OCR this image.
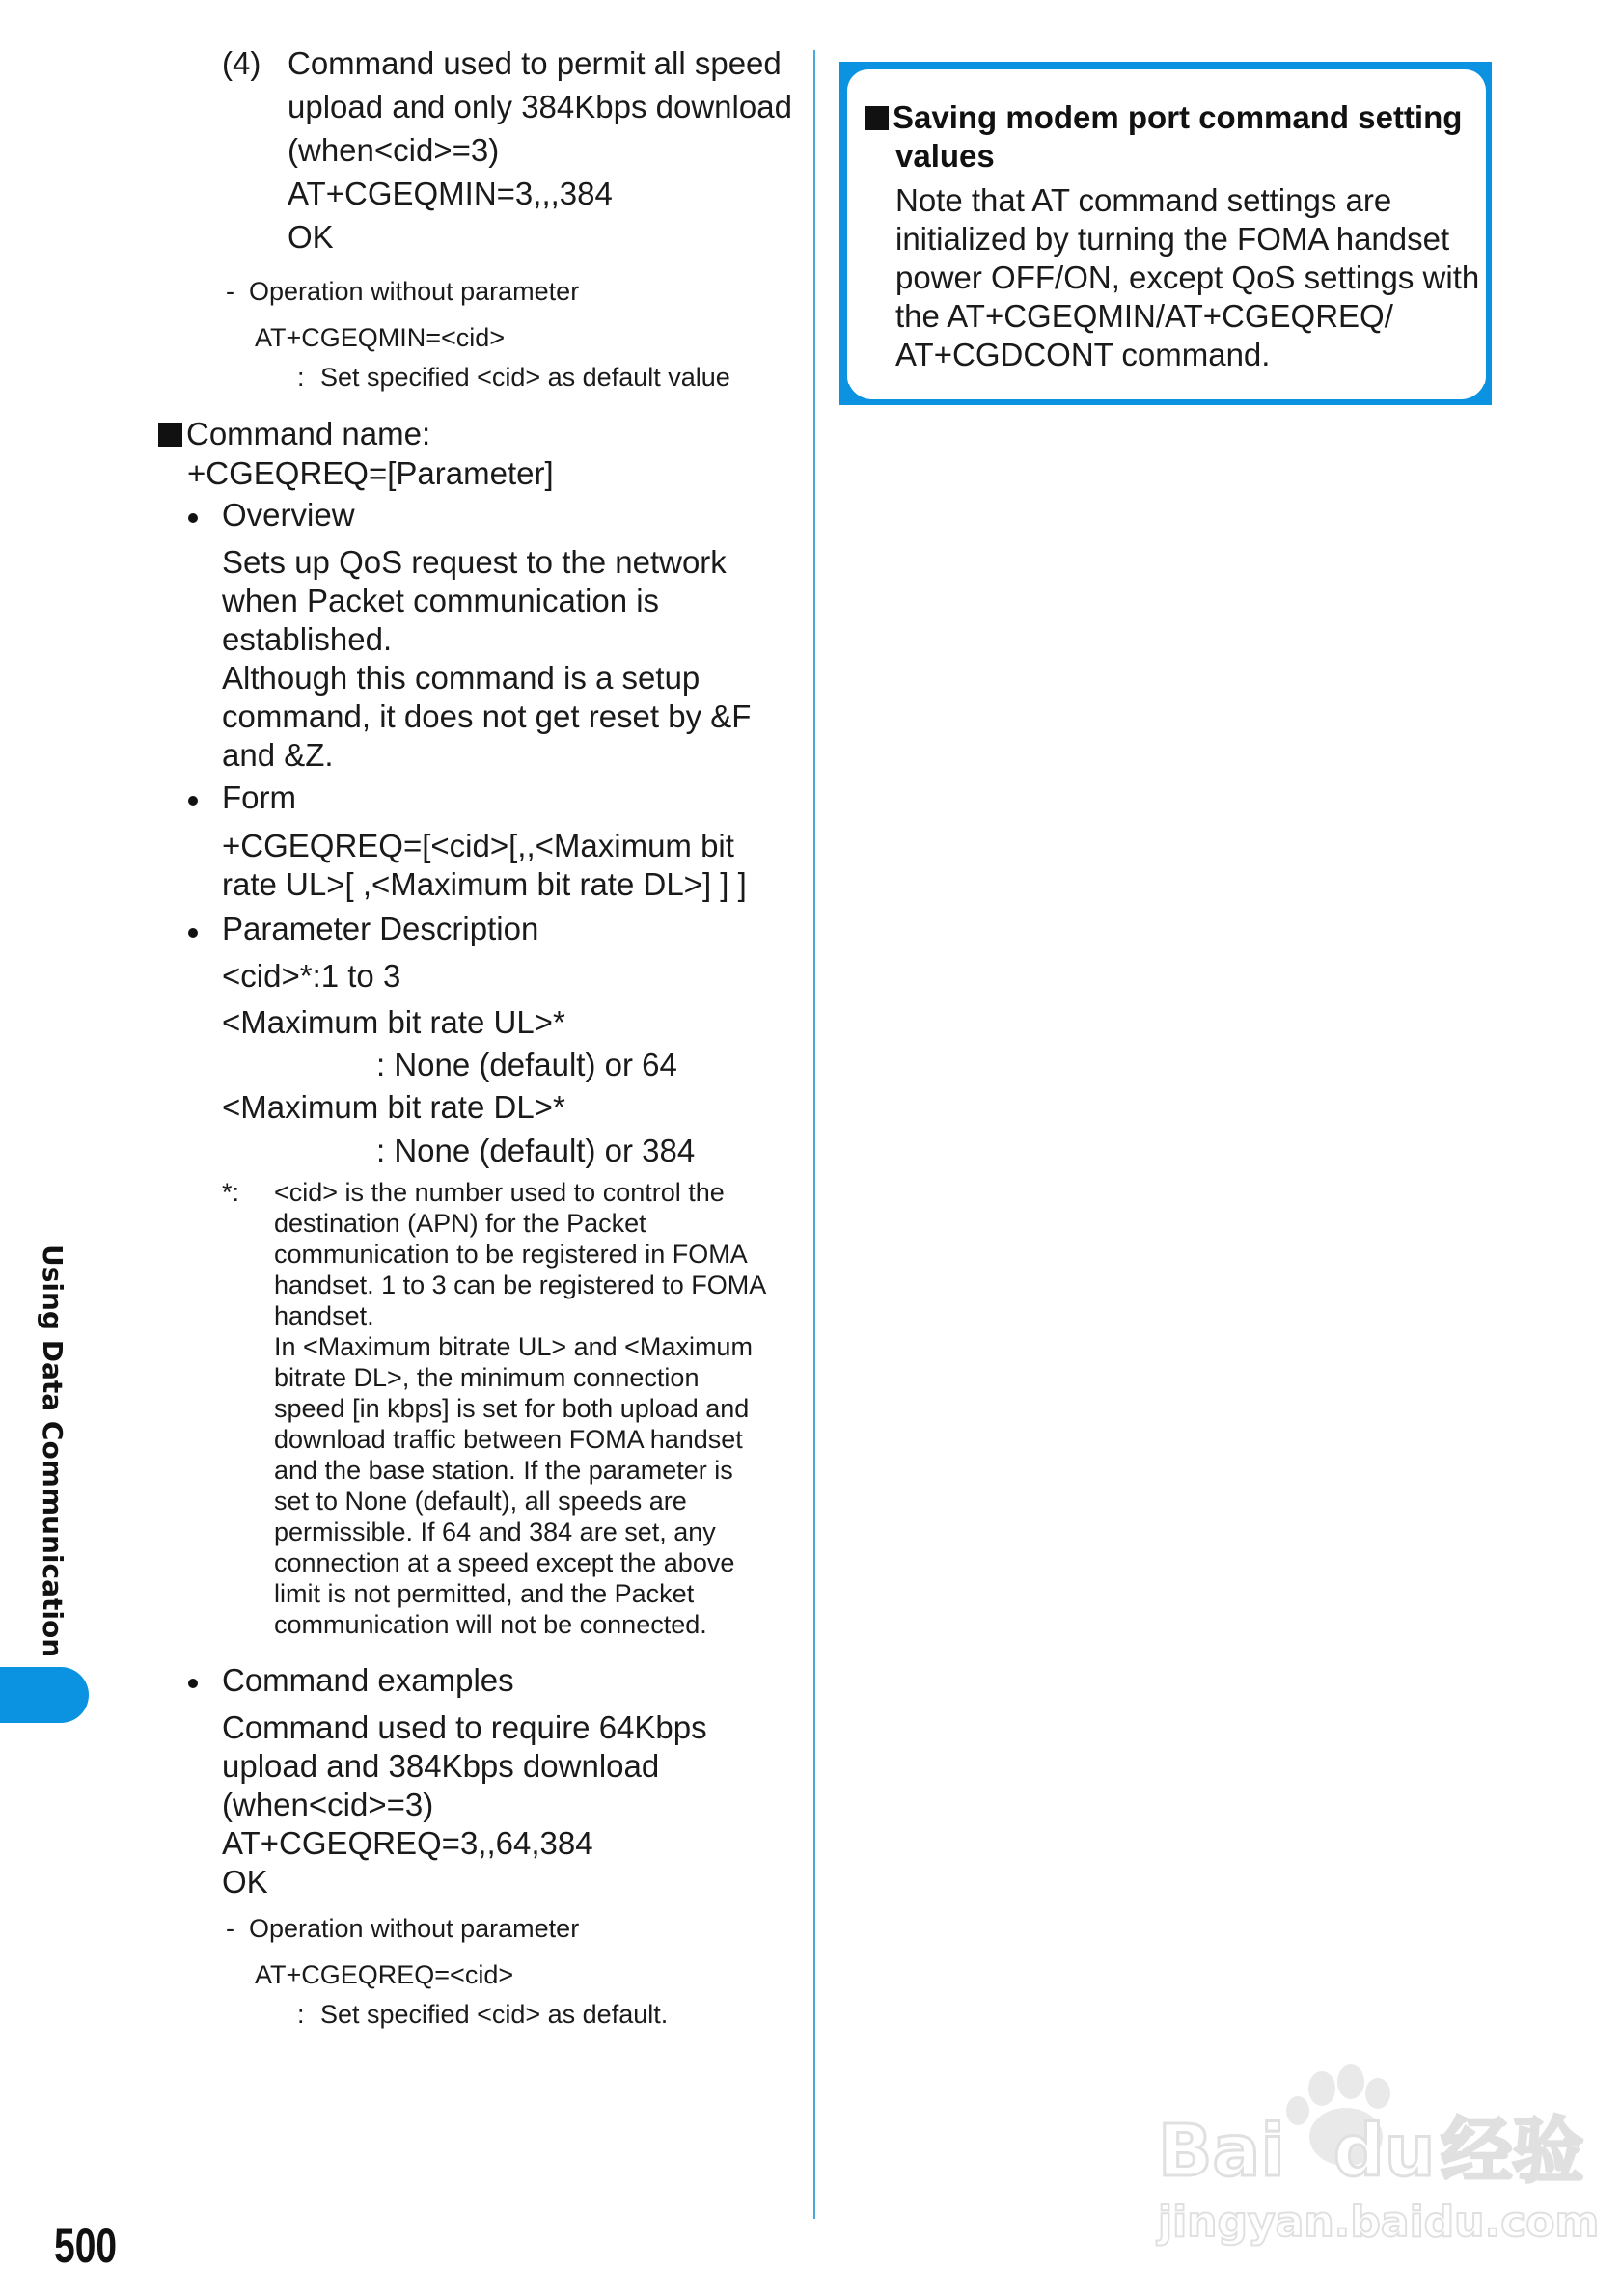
(4) Command used to permit all speed
upload and only 384Kbps download
(when<cid>=3)
AT+CGEQMIN=3,,,384
OK
- Operation without parameter
AT+CGEQMIN=<cid>
: Set specified <cid> as default value
Command name:
+CGEQREQ=[Parameter]
Overview
Sets up QoS request to the network
when Packet communication is
established.
Although this command is a setup
command, it does not get reset by &F
and &Z.
Form
+CGEQREQ=[<cid>[,,<Maximum bit
rate UL>[ ,<Maximum bit rate DL>] ] ]
Parameter Description
<cid>*:1 to 3
<Maximum bit rate UL>*
: None (default) or 64
<Maximum bit rate DL>*
: None (default) or 384
*: <cid> is the number used to control the
destination (APN) for the Packet
communication to be registered in FOMA
handset. 1 to 3 can be registered to FOMA
handset.
In <Maximum bitrate UL> and <Maximum
bitrate DL>, the minimum connection
speed [in kbps] is set for both upload and
download traffic between FOMA handset
and the base station. If the parameter is
set to None (default), all speeds are
permissible. If 64 and 384 are set, any
connection at a speed except the above
limit is not permitted, and the Packet
communication will not be connected.
Command examples
Command used to require 64Kbps
upload and 384Kbps download
(when<cid>=3)
AT+CGEQREQ=3,,64,384
OK
- Operation without parameter
AT+CGEQREQ=<cid>
: Set specified <cid> as default.
Saving modem port command setting
values
Note that AT command settings are
initialized by turning the FOMA handset
power OFF/ON, except QoS settings with
the AT+CGEQMIN/AT+CGEQREQ/
AT+CGDCONT command.
Using Data Communication
500
Bai du经验
jingyan.baidu.com
